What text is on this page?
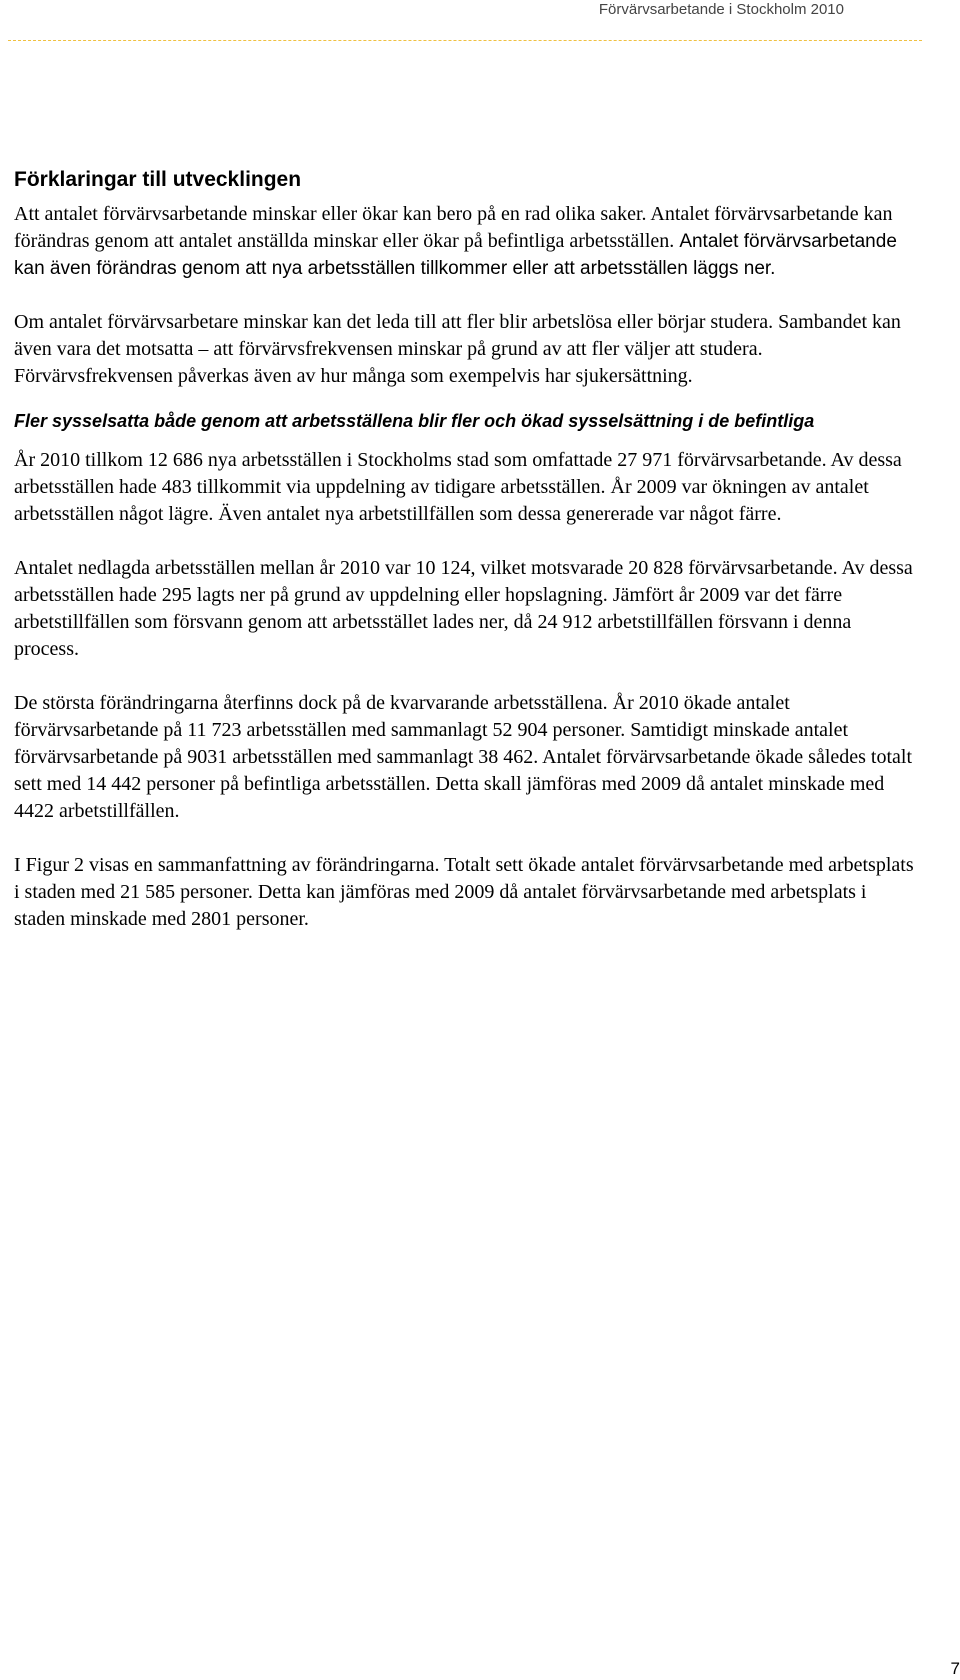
Förvärvsarbetande i Stockholm 2010
Förklaringar till utvecklingen

Att antalet förvärvsarbetande minskar eller ökar kan bero på en rad olika saker. Antalet förvärvsarbetande kan förändras genom att antalet anställda minskar eller ökar på befintliga arbetsställen. Antalet förvärvsarbetande kan även förändras genom att nya arbetsställen tillkommer eller att arbetsställen läggs ner.

Om antalet förvärvsarbetare minskar kan det leda till att fler blir arbetslösa eller börjar studera. Sambandet kan även vara det motsatta – att förvärvsfrekvensen minskar på grund av att fler väljer att studera. Förvärvsfrekvensen påverkas även av hur många som exempelvis har sjukersättning.

Fler sysselsatta både genom att arbetsställena blir fler och ökad sysselsättning i de befintliga

År 2010 tillkom 12 686 nya arbetsställen i Stockholms stad som omfattade 27 971 förvärvsarbetande. Av dessa arbetsställen hade 483 tillkommit via uppdelning av tidigare arbetsställen. År 2009 var ökningen av antalet arbetsställen något lägre. Även antalet nya arbetstillfällen som dessa genererade var något färre.

Antalet nedlagda arbetsställen mellan år 2010 var 10 124, vilket motsvarade 20 828 förvärvsarbetande. Av dessa arbetsställen hade 295 lagts ner på grund av uppdelning eller hopslagning. Jämfört år 2009 var det färre arbetstillfällen som försvann genom att arbetsstället lades ner, då 24 912 arbetstillfällen försvann i denna process.

De största förändringarna återfinns dock på de kvarvarande arbetsställena. År 2010 ökade antalet förvärvsarbetande på 11 723 arbetsställen med sammanlagt 52 904 personer. Samtidigt minskade antalet förvärvsarbetande på 9031 arbetsställen med sammanlagt 38 462. Antalet förvärvsarbetande ökade således totalt sett med 14 442 personer på befintliga arbetsställen. Detta skall jämföras med 2009 då antalet minskade med 4422 arbetstillfällen.

I Figur 2 visas en sammanfattning av förändringarna. Totalt sett ökade antalet förvärvsarbetande med arbetsplats i staden med 21 585 personer. Detta kan jämföras med 2009 då antalet förvärvsarbetande med arbetsplats i staden minskade med 2801 personer.

7
